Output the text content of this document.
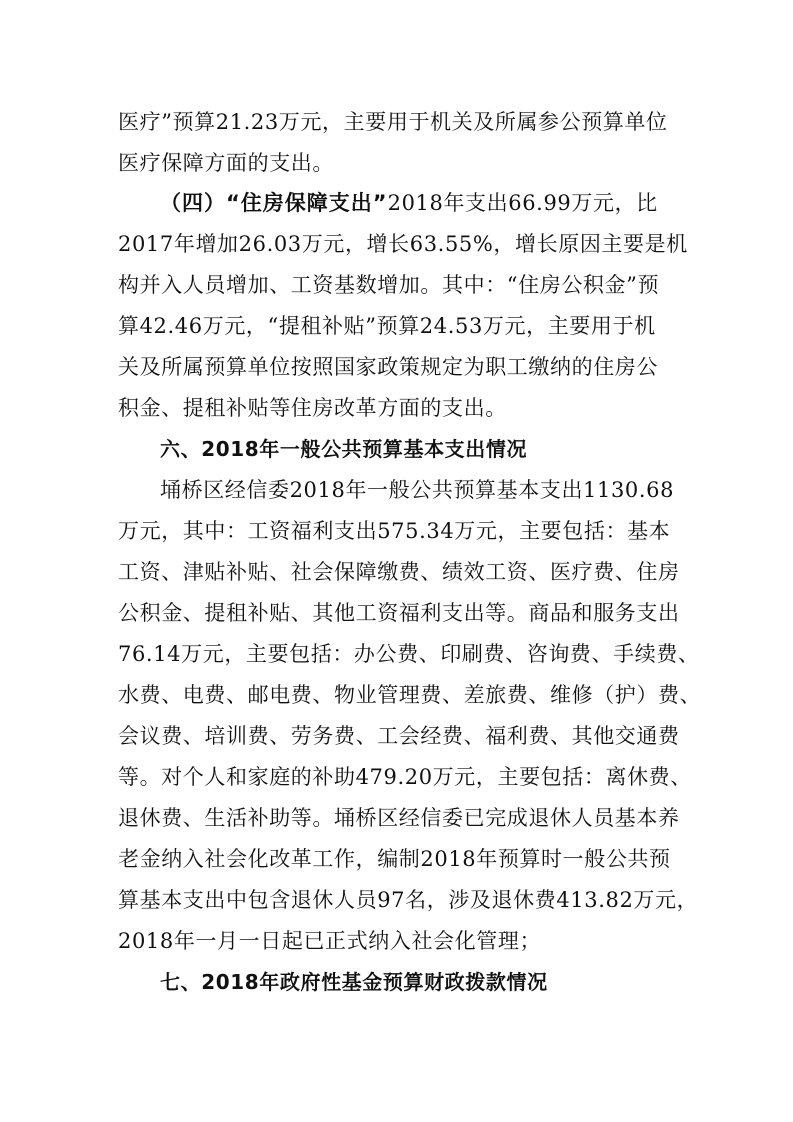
医疗”预算21.23万元，主要用于机关及所属参公预算单位
医疗保障方面的支出。
（四）“住房保障支出”2018年支出66.99万元，比
2017年增加26.03万元，增长63.55%，增长原因主要是机
构并入人员增加、工资基数增加。其中：“住房公积金”预
算42.46万元，“提租补贴”预算24.53万元，主要用于机
关及所属预算单位按照国家政策规定为职工缴纳的住房公
积金、提租补贴等住房改革方面的支出。
六、2018年一般公共预算基本支出情况
埇桥区经信委2018年一般公共预算基本支出1130.68
万元，其中：工资福利支出575.34万元，主要包括：基本
工资、津贴补贴、社会保障缴费、绩效工资、医疗费、住房
公积金、提租补贴、其他工资福利支出等。商品和服务支出
76.14万元，主要包括：办公费、印刷费、咨询费、手续费、
水费、电费、邮电费、物业管理费、差旅费、维修（护）费、
会议费、培训费、劳务费、工会经费、福利费、其他交通费
等。对个人和家庭的补助479.20万元，主要包括：离休费、
退休费、生活补助等。埇桥区经信委已完成退休人员基本养
老金纳入社会化改革工作，编制2018年预算时一般公共预
算基本支出中包含退休人员97名，涉及退休费413.82万元，
2018年一月一日起已正式纳入社会化管理；
七、2018年政府性基金预算财政拨款情况
